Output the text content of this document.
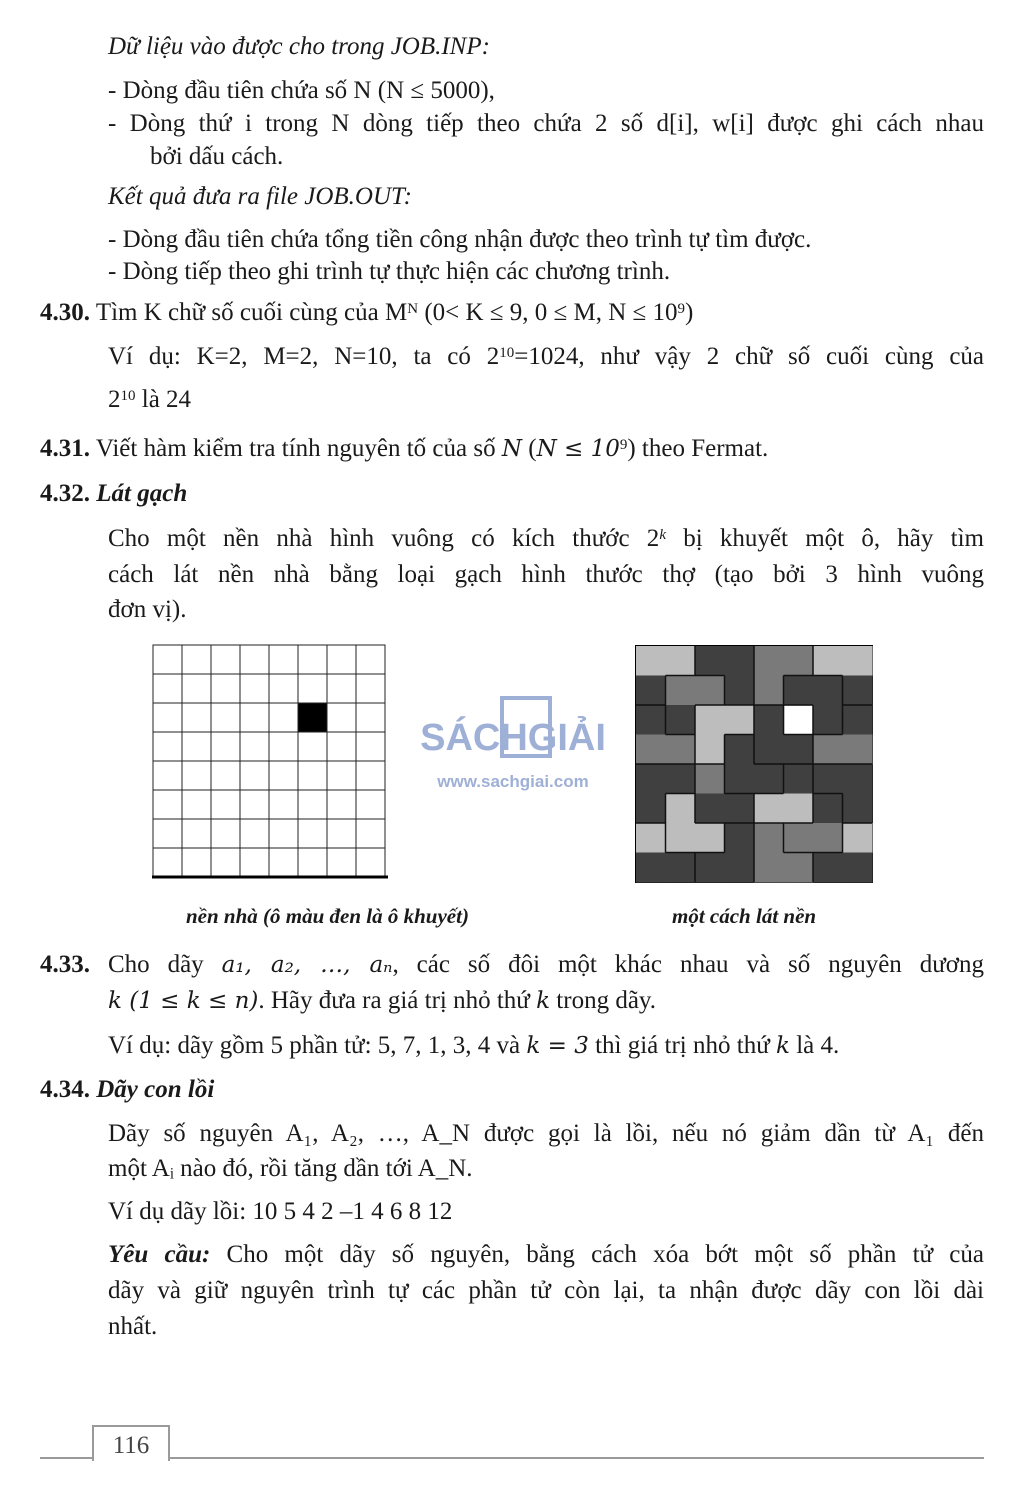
Dữ liệu vào được cho trong JOB.INP:
- Dòng đầu tiên chứa số N (N ≤ 5000),
- Dòng thứ i trong N dòng tiếp theo chứa 2 số d[i], w[i] được ghi cách nhau
bởi dấu cách.
Kết quả đưa ra file JOB.OUT:
- Dòng đầu tiên chứa tổng tiền công nhận được theo trình tự tìm được.
- Dòng tiếp theo ghi trình tự thực hiện các chương trình.
4.30. Tìm K chữ số cuối cùng của $M^N$ (0< K ≤ 9, 0 ≤ M, $N \le 10^9$)
Ví dụ: K=2, M=2, N=10, ta có $2^{10}=1024$, như vậy 2 chữ số cuối cùng của
$2^{10}$ là 24
4.31. Viết hàm kiểm tra tính nguyên tố của số N $(N \le 10^9)$ theo Fermat.
4.32. Lát gạch
Cho một nền nhà hình vuông có kích thước 2$^k$ bị khuyết một ô, hãy tìm
cách lát nền nhà bằng loại gạch hình thước thợ (tạo bởi 3 hình vuông
đơn vị).
SÁCHGIẢI
www.sachgiai.com
nền nhà (ô màu đen là ô khuyết)	một cách lát nền
4.33. Cho dãy a₁, a₂, …, aₙ, các số đôi một khác nhau và số nguyên dương
k (1 ≤ k ≤ n). Hãy đưa ra giá trị nhỏ thứ k trong dãy.
Ví dụ: dãy gồm 5 phần tử: 5, 7, 1, 3, 4 và k = 3 thì giá trị nhỏ thứ k là 4.
4.34. Dãy con lồi
Dãy số nguyên A₁, A₂, …, A_N được gọi là lồi, nếu nó giảm dần từ A₁ đến
một Aᵢ nào đó, rồi tăng dần tới A_N.
Ví dụ dãy lồi: 10 5 4 2 –1 4 6 8 12
Yêu cầu: Cho một dãy số nguyên, bằng cách xóa bớt một số phần tử của
dãy và giữ nguyên trình tự các phần tử còn lại, ta nhận được dãy con lồi dài
nhất.
116
